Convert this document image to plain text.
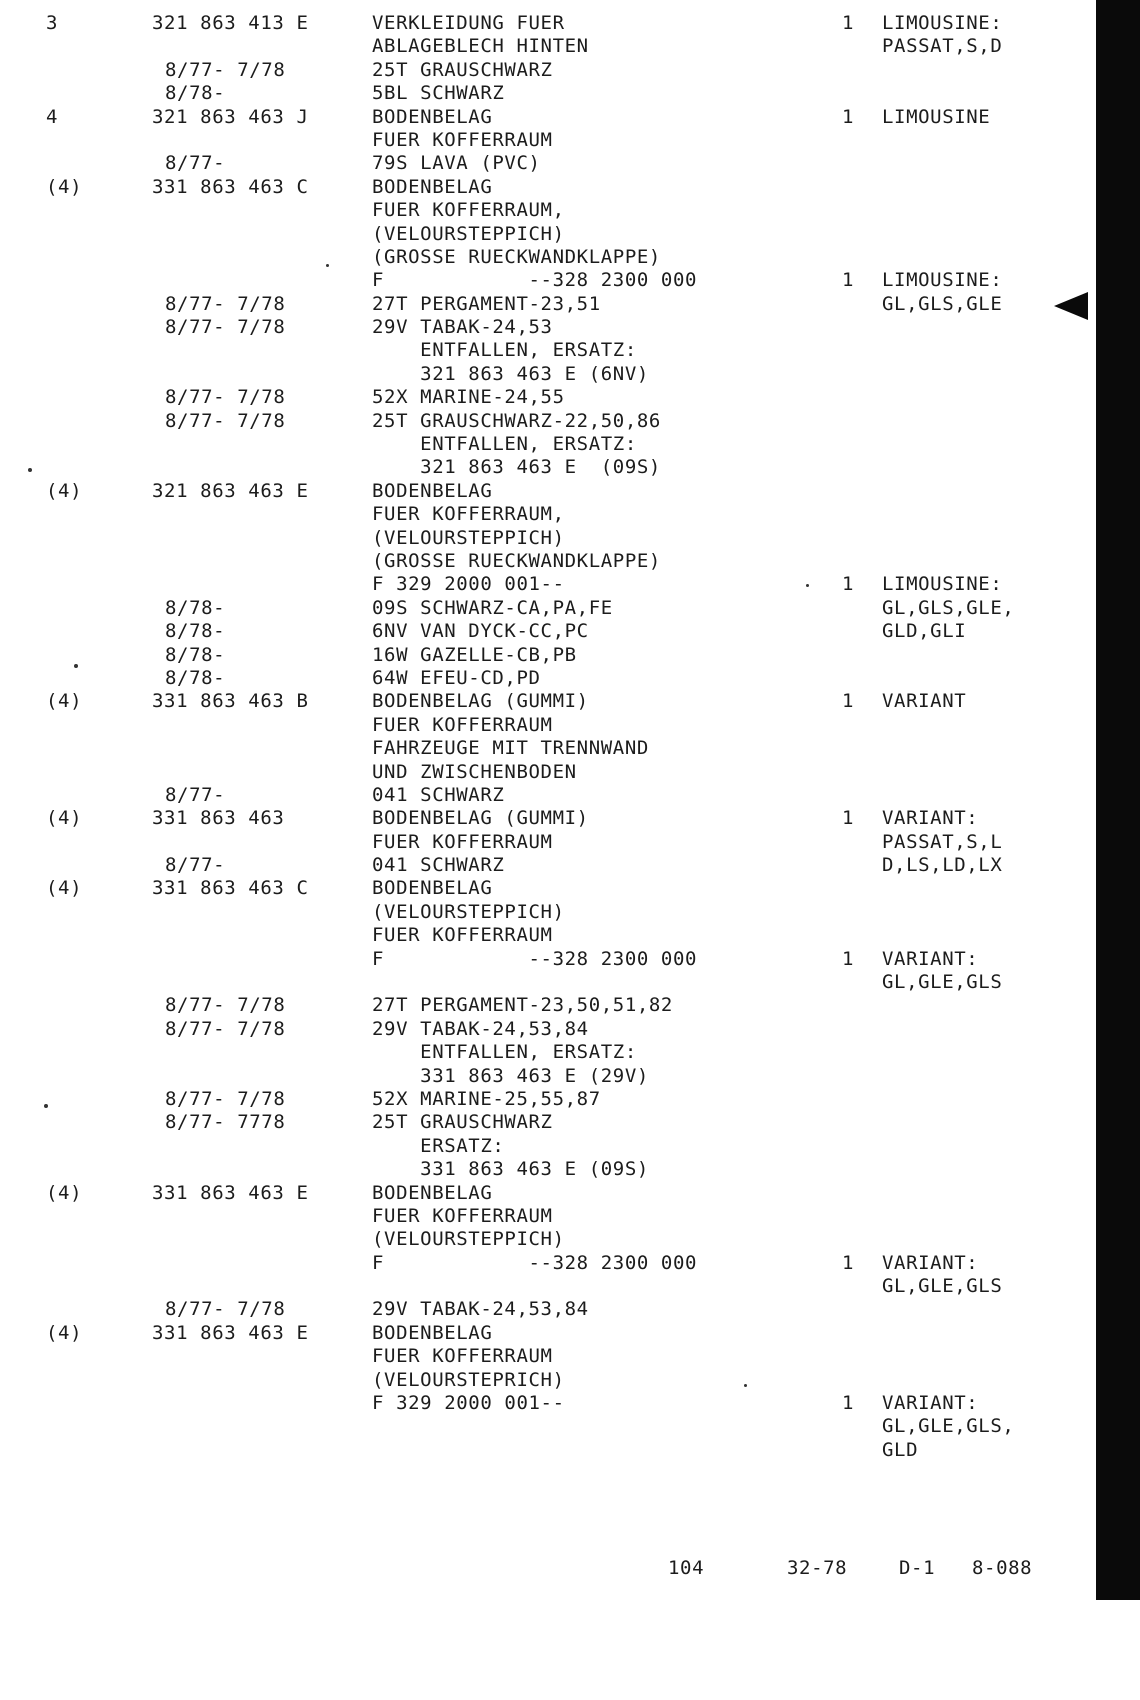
3	321 863 413 E	VERKLEIDUNG FUER	1 LIMOUSINE:
ABLAGEBLECH HINTEN	PASSAT,S,D
8/77- 7/78	25T GRAUSCHWARZ
8/78-	5BL SCHWARZ
4	321 863 463 J	BODENBELAG	1 LIMOUSINE
FUER KOFFERRAUM
8/77-	79S LAVA (PVC)
(4)	331 863 463 C	BODENBELAG
FUER KOFFERRAUM,
(VELOURSTEPPICH)
(GROSSE RUECKWANDKLAPPE)
F            --328 2300 000	1 LIMOUSINE:
8/77- 7/78	27T PERGAMENT-23,51	GL,GLS,GLE
8/77- 7/78	29V TABAK-24,53
ENTFALLEN, ERSATZ:
321 863 463 E (6NV)
8/77- 7/78	52X MARINE-24,55
8/77- 7/78	25T GRAUSCHWARZ-22,50,86
ENTFALLEN, ERSATZ:
321 863 463 E  (09S)
(4)	321 863 463 E	BODENBELAG
FUER KOFFERRAUM,
(VELOURSTEPPICH)
(GROSSE RUECKWANDKLAPPE)
F 329 2000 001--	1 LIMOUSINE:
8/78-	09S SCHWARZ-CA,PA,FE	GL,GLS,GLE,
8/78-	6NV VAN DYCK-CC,PC	GLD,GLI
8/78-	16W GAZELLE-CB,PB
8/78-	64W EFEU-CD,PD
(4)	331 863 463 B	BODENBELAG (GUMMI)	1 VARIANT
FUER KOFFERRAUM
FAHRZEUGE MIT TRENNWAND
UND ZWISCHENBODEN
8/77-	041 SCHWARZ
(4)	331 863 463	BODENBELAG (GUMMI)	1 VARIANT:
FUER KOFFERRAUM	PASSAT,S,L
8/77-	041 SCHWARZ	D,LS,LD,LX
(4)	331 863 463 C	BODENBELAG
(VELOURSTEPPICH)
FUER KOFFERRAUM
F            --328 2300 000	1 VARIANT:
GL,GLE,GLS
8/77- 7/78	27T PERGAMENT-23,50,51,82
8/77- 7/78	29V TABAK-24,53,84
ENTFALLEN, ERSATZ:
331 863 463 E (29V)
8/77- 7/78	52X MARINE-25,55,87
8/77- 7778	25T GRAUSCHWARZ
ERSATZ:
331 863 463 E (09S)
(4)	331 863 463 E	BODENBELAG
FUER KOFFERRAUM
(VELOURSTEPPICH)
F            --328 2300 000	1 VARIANT:
GL,GLE,GLS
8/77- 7/78	29V TABAK-24,53,84
(4)	331 863 463 E	BODENBELAG
FUER KOFFERRAUM
(VELOURSTEPRICH)
F 329 2000 001--	1 VARIANT:
GL,GLE,GLS,
GLD

104

	32-78

	D-1

8-088
